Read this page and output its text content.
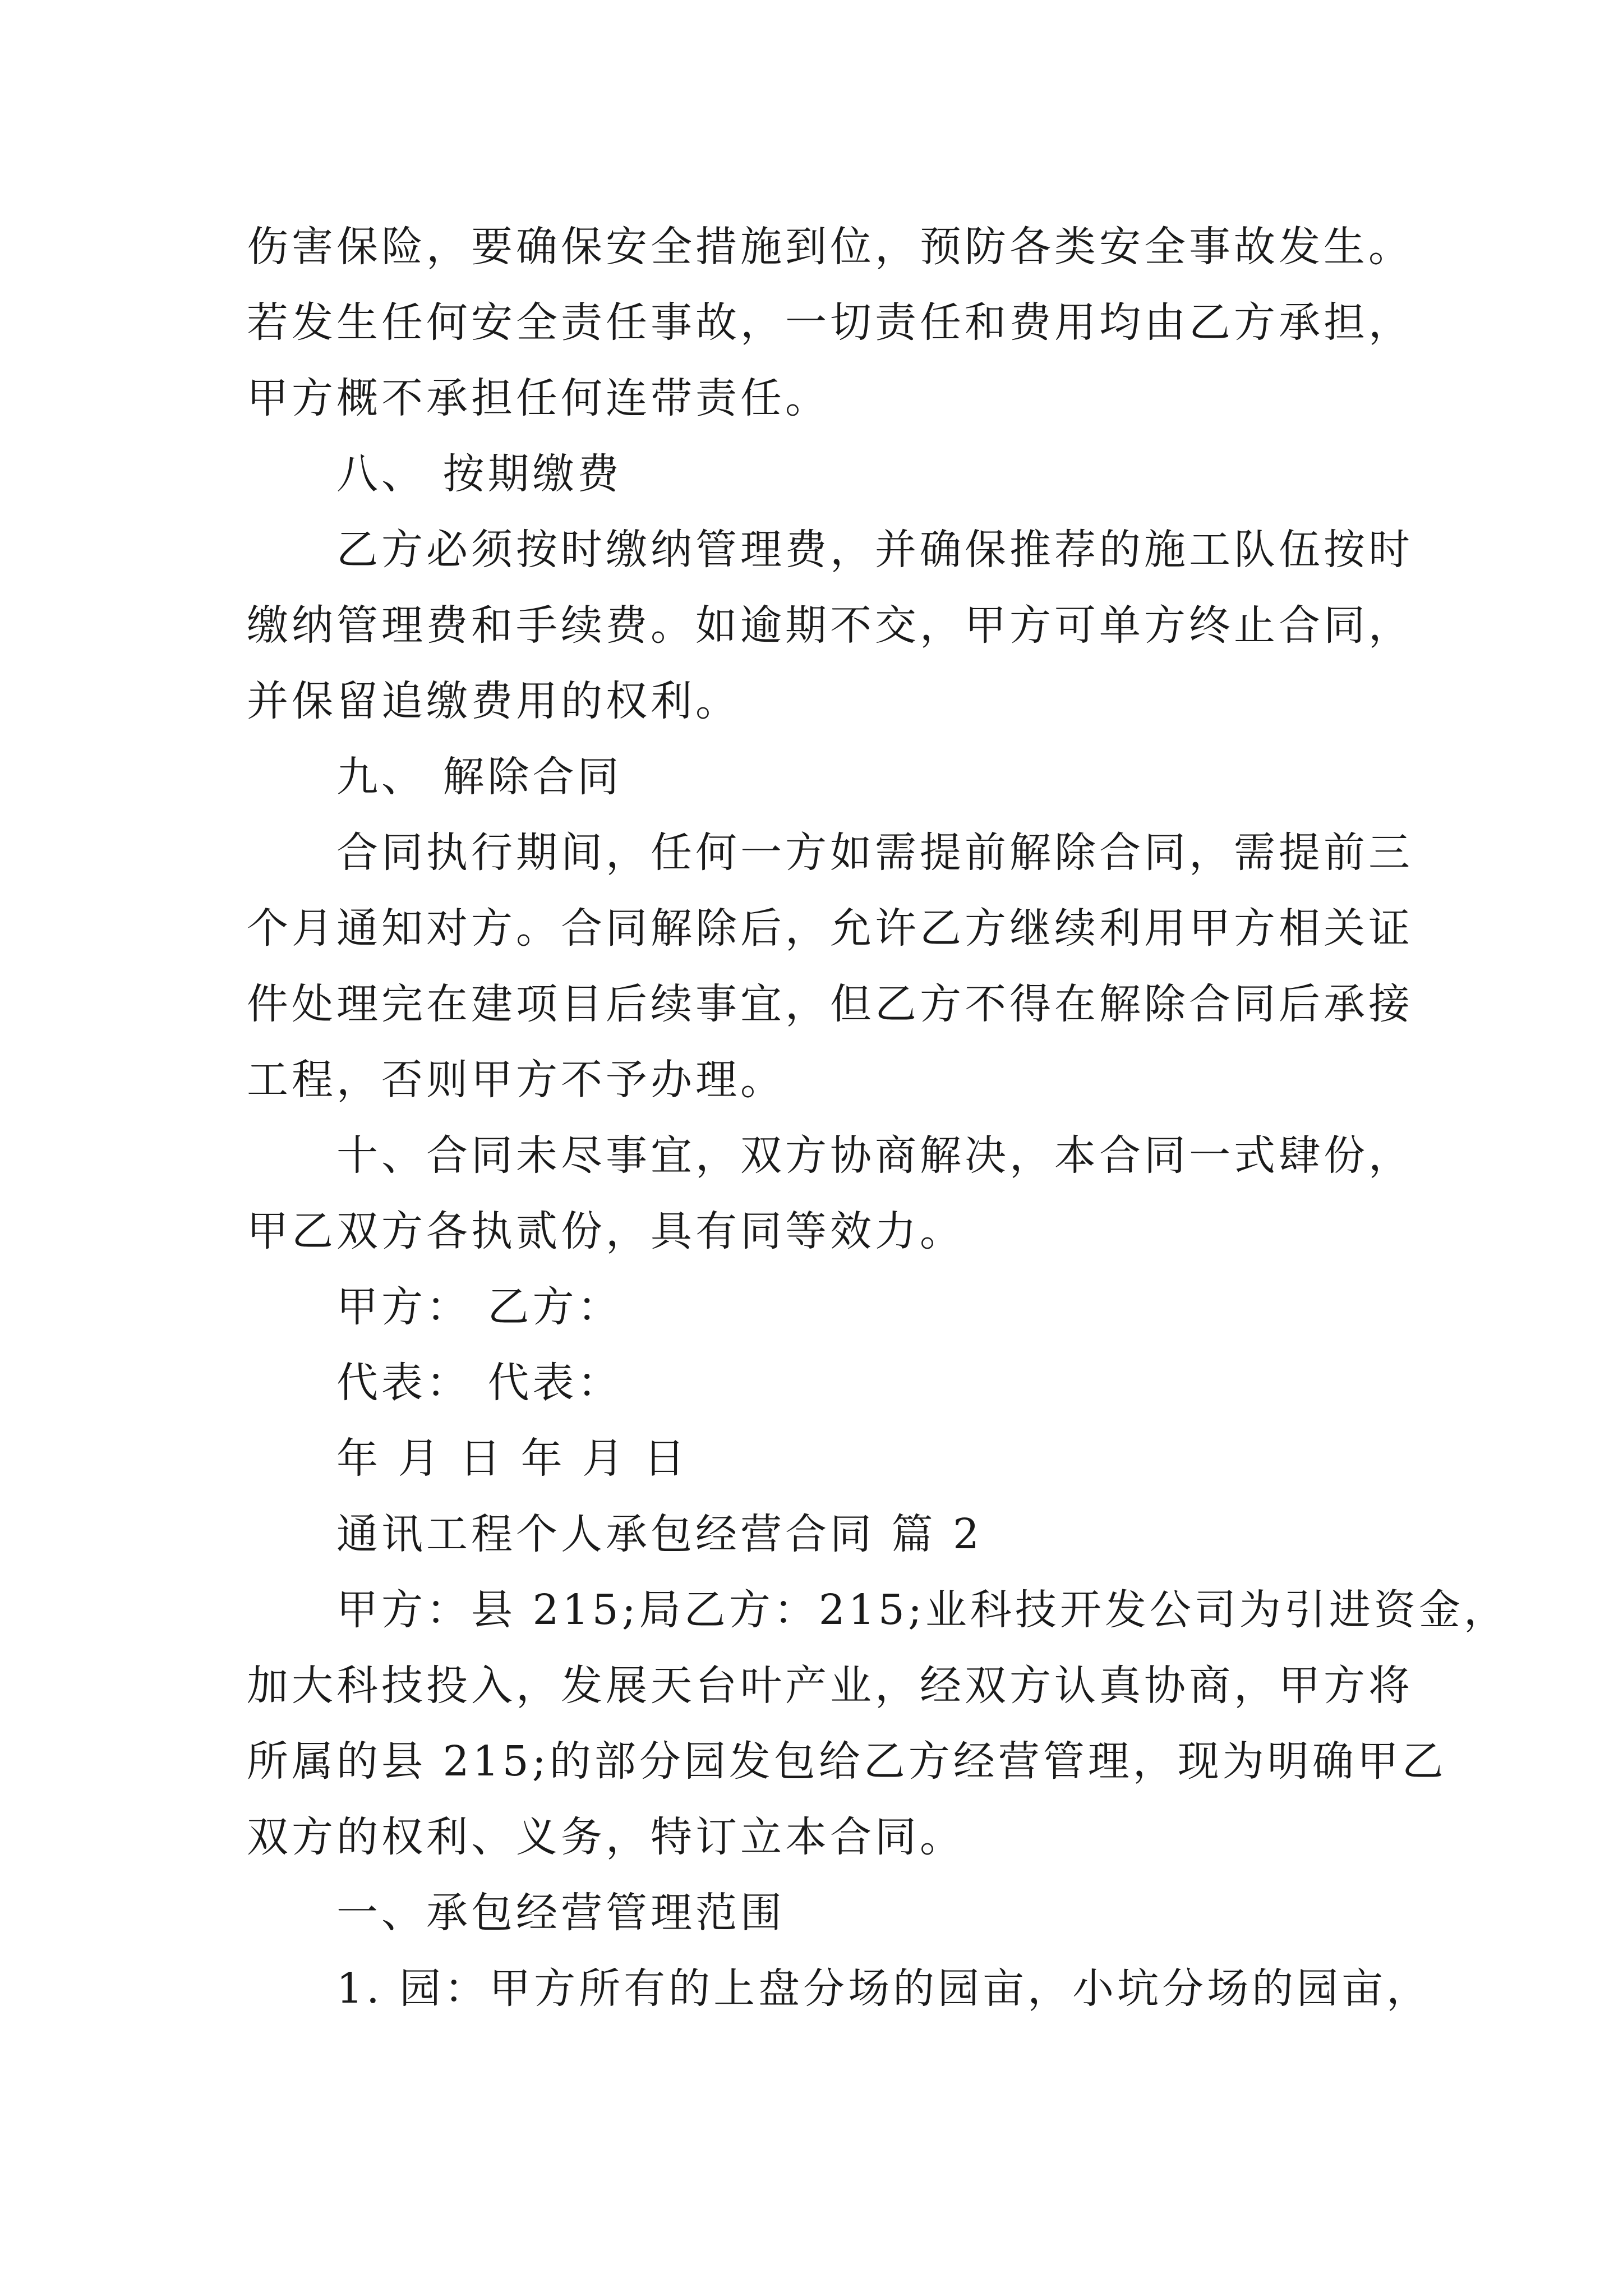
伤害保险，要确保安全措施到位，预防各类安全事故发生。
若发生任何安全责任事故，一切责任和费用均由乙方承担，
甲方概不承担任何连带责任。
八、 按期缴费
乙方必须按时缴纳管理费，并确保推荐的施工队伍按时
缴纳管理费和手续费。如逾期不交，甲方可单方终止合同，
并保留追缴费用的权利。
九、 解除合同
合同执行期间，任何一方如需提前解除合同，需提前三
个月通知对方。合同解除后，允许乙方继续利用甲方相关证
件处理完在建项目后续事宜，但乙方不得在解除合同后承接
工程，否则甲方不予办理。
十、合同未尽事宜，双方协商解决，本合同一式肆份，
甲乙双方各执贰份，具有同等效力。
甲方： 乙方：
代表： 代表：
年 月 日 年 月 日
通讯工程个人承包经营合同 篇 2
甲方：县 215;局乙方：215;业科技开发公司为引进资金，
加大科技投入，发展天台叶产业，经双方认真协商，甲方将
所属的县 215;的部分园发包给乙方经营管理，现为明确甲乙
双方的权利、义务，特订立本合同。
一、承包经营管理范围
1. 园：甲方所有的上盘分场的园亩，小坑分场的园亩，
